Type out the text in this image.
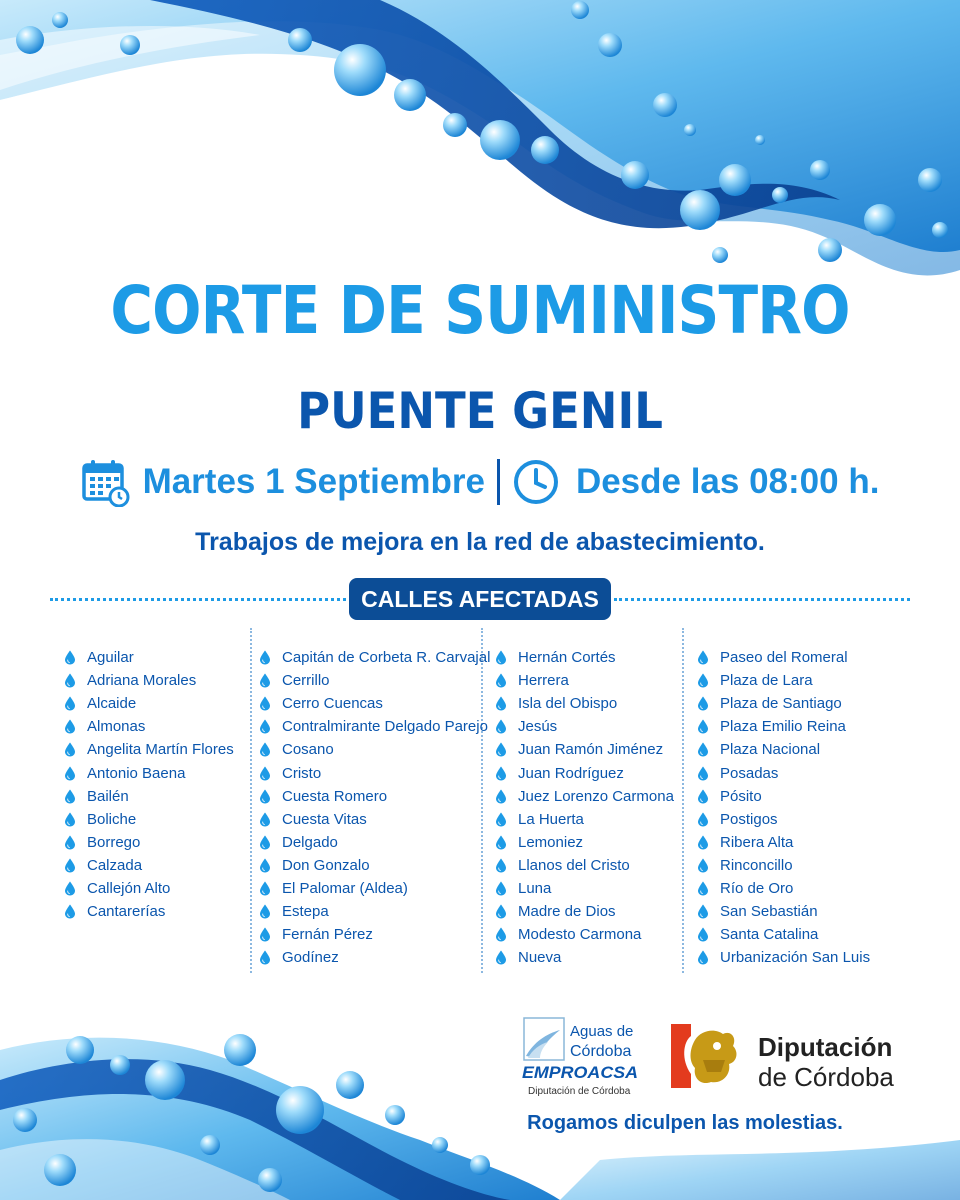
CORTE DE SUMINISTRO
PUENTE GENIL
Martes 1 Septiembre	Desde las 08:00 h.
Trabajos de mejora en la red de abastecimiento.
CALLES AFECTADAS
Aguilar
Adriana Morales
Alcaide
Almonas
Angelita Martín Flores
Antonio Baena
Bailén
Boliche
Borrego
Calzada
Callejón Alto
Cantarerías
Capitán de Corbeta R. Carvajal
Cerrillo
Cerro Cuencas
Contralmirante Delgado Parejo
Cosano
Cristo
Cuesta Romero
Cuesta Vitas
Delgado
Don Gonzalo
El Palomar (Aldea)
Estepa
Fernán Pérez
Godínez
Hernán Cortés
Herrera
Isla del Obispo
Jesús
Juan Ramón Jiménez
Juan Rodríguez
Juez Lorenzo Carmona
La Huerta
Lemoniez
Llanos del Cristo
Luna
Madre de Dios
Modesto Carmona
Nueva
Paseo del Romeral
Plaza de Lara
Plaza de Santiago
Plaza Emilio Reina
Plaza Nacional
Posadas
Pósito
Postigos
Ribera Alta
Rinconcillo
Río de Oro
San Sebastián
Santa Catalina
Urbanización San Luis
Aguas de
Córdoba
EMPROACSA
Diputación de Córdoba
Diputación
de Córdoba
Rogamos diculpen las molestias.
